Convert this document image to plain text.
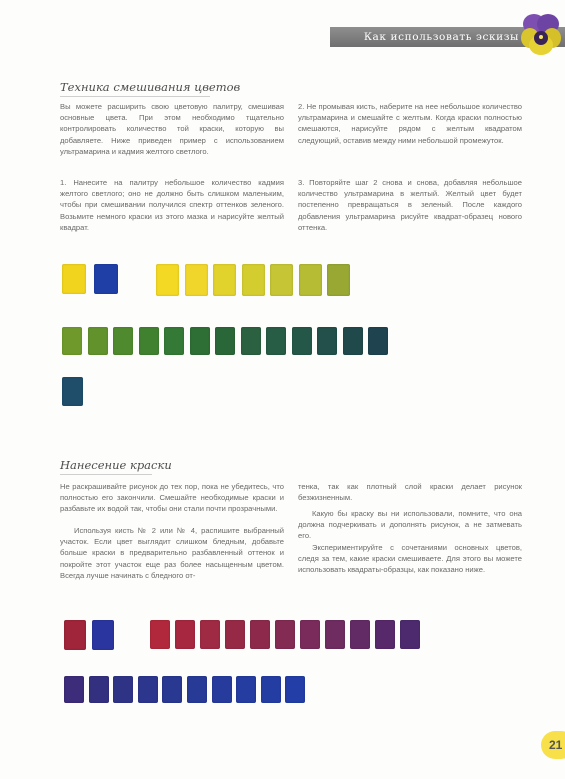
Как использовать эскизы
Техника смешивания цветов

Вы можете расширить свою цветовую палитру, смешивая основные цвета. При этом необходимо тщательно контролировать количество той краски, которую вы добавляете. Ниже приведен пример с использованием ультрамарина и кадмия желтого светлого.

1. Нанесите на палитру небольшое количество кадмия желтого светлого; оно не должно быть слишком маленьким, чтобы при смешивании получился спектр оттенков зеленого. Возьмите немного краски из этого мазка и нарисуйте желтый квадрат.

2. Не промывая кисть, наберите на нее небольшое количество ультрамарина и смешайте с желтым. Когда краски полностью смешаются, нарисуйте рядом с желтым квадратом следующий, оставив между ними небольшой промежуток.

3. Повторяйте шаг 2 снова и снова, добавляя небольшое количество ультрамарина в желтый. Желтый цвет будет постепенно превращаться в зеленый. После каждого добавления ультрамарина рисуйте квадрат-образец нового оттенка.

Нанесение краски

Не раскрашивайте рисунок до тех пор, пока не убедитесь, что полностью его закончили. Смешайте необходимые краски и разбавьте их водой так, чтобы они стали почти прозрачными.

Используя кисть № 2 или № 4, распишите выбранный участок. Если цвет выглядит слишком бледным, добавьте больше краски в предварительно разбавленный оттенок и покройте этот участок еще раз более насыщенным цветом. Всегда лучше начинать с бледного от-

тенка, так как плотный слой краски делает рисунок безжизненным.

Какую бы краску вы ни использовали, помните, что она должна подчеркивать и дополнять рисунок, а не затмевать его.

Экспериментируйте с сочетаниями основных цветов, следя за тем, какие краски смешиваете. Для этого вы можете использовать квадраты-образцы, как показано ниже.

21
